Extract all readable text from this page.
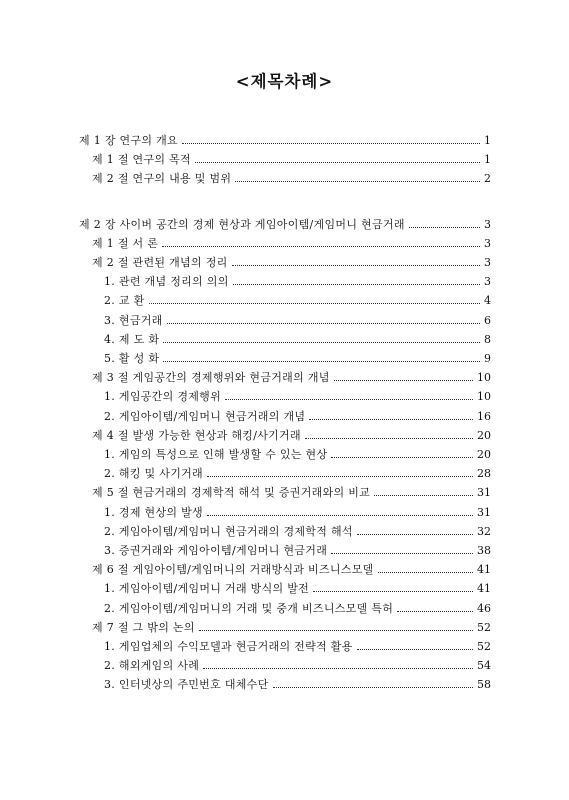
<제목차례>
제 1 장 연구의 개요	1
제 1 절 연구의 목적	1
제 2 절 연구의 내용 및 범위	2
제 2 장 사이버 공간의 경제 현상과 게임아이템/게임머니 현금거래	3
제 1 절 서 론	3
제 2 절 관련된 개념의 정리	3
1. 관련 개념 정리의 의의	3
2. 교 환	4
3. 현금거래	6
4. 제 도 화	8
5. 활 성 화	9
제 3 절 게임공간의 경제행위와 현금거래의 개념	10
1. 게임공간의 경제행위	10
2. 게임아이템/게임머니 현금거래의 개념	16
제 4 절 발생 가능한 현상과 해킹/사기거래	20
1. 게임의 특성으로 인해 발생할 수 있는 현상	20
2. 해킹 및 사기거래	28
제 5 절 현금거래의 경제학적 해석 및 증권거래와의 비교	31
1. 경제 현상의 발생	31
2. 게임아이템/게임머니 현금거래의 경제학적 해석	32
3. 증권거래와 게임아이템/게임머니 현금거래	38
제 6 절 게임아이템/게임머니의 거래방식과 비즈니스모델	41
1. 게임아이템/게임머니 거래 방식의 발전	41
2. 게임아이템/게임머니의 거래 및 중개 비즈니스모델 특허	46
제 7 절 그 밖의 논의	52
1. 게임업체의 수익모델과 현금거래의 전략적 활용	52
2. 해외게임의 사례	54
3. 인터넷상의 주민번호 대체수단	58
